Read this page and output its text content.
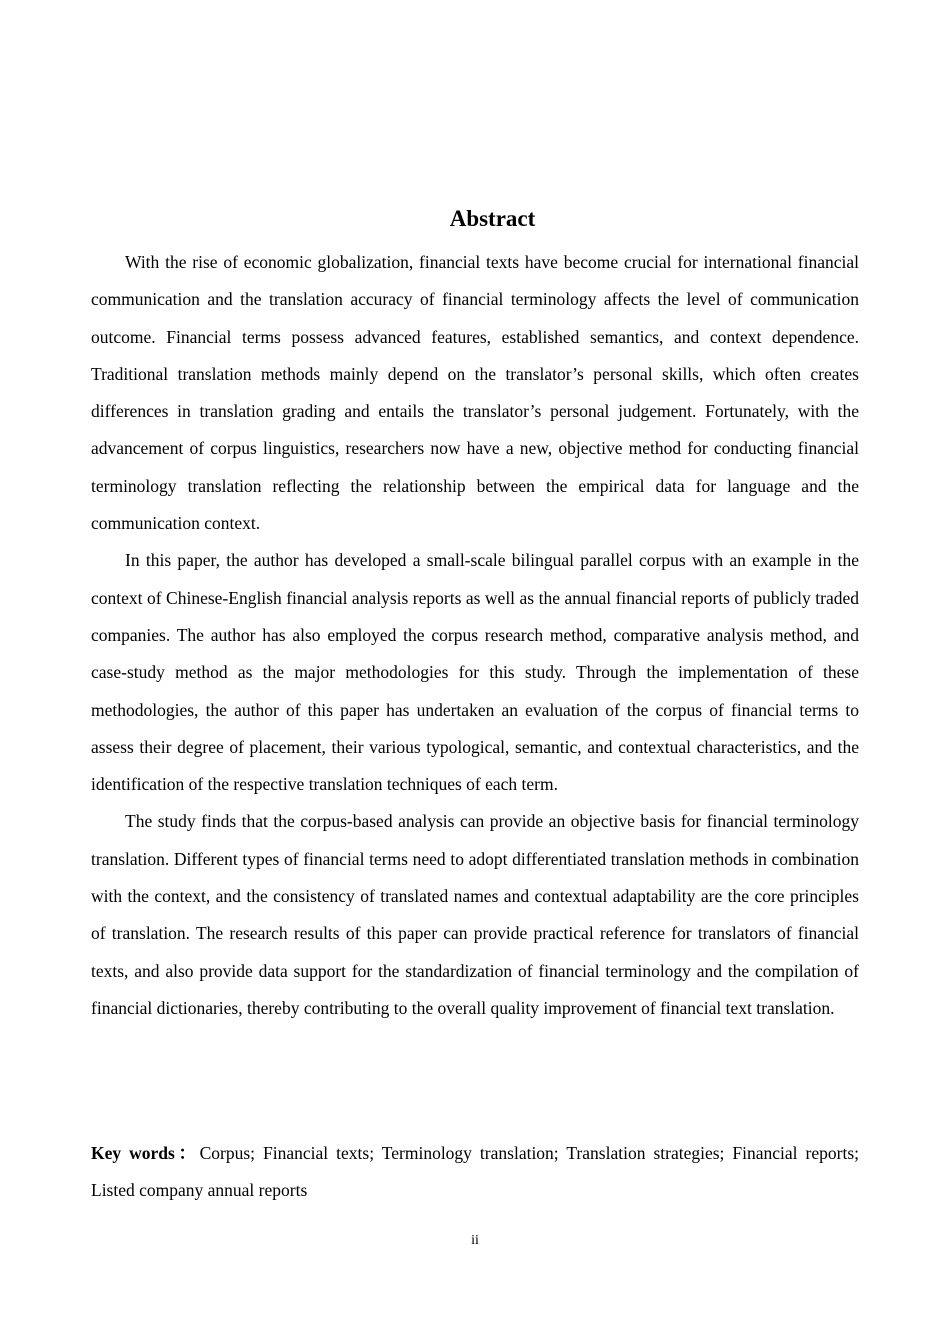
Abstract

With the rise of economic globalization, financial texts have become crucial for international financial communication and the translation accuracy of financial terminology affects the level of communication outcome. Financial terms possess advanced features, established semantics, and context dependence. Traditional translation methods mainly depend on the translator’s personal skills, which often creates differences in translation grading and entails the translator’s personal judgement. Fortunately, with the advancement of corpus linguistics, researchers now have a new, objective method for conducting financial terminology translation reflecting the relationship between the empirical data for language and the communication context.

In this paper, the author has developed a small-scale bilingual parallel corpus with an example in the context of Chinese-English financial analysis reports as well as the annual financial reports of publicly traded companies. The author has also employed the corpus research method, comparative analysis method, and case-study method as the major methodologies for this study. Through the implementation of these methodologies, the author of this paper has undertaken an evaluation of the corpus of financial terms to assess their degree of placement, their various typological, semantic, and contextual characteristics, and the identification of the respective translation techniques of each term.

The study finds that the corpus-based analysis can provide an objective basis for financial terminology translation. Different types of financial terms need to adopt differentiated translation methods in combination with the context, and the consistency of translated names and contextual adaptability are the core principles of translation. The research results of this paper can provide practical reference for translators of financial texts, and also provide data support for the standardization of financial terminology and the compilation of financial dictionaries, thereby contributing to the overall quality improvement of financial text translation.

Key words：Corpus; Financial texts; Terminology translation; Translation strategies; Financial reports; Listed company annual reports

ii
